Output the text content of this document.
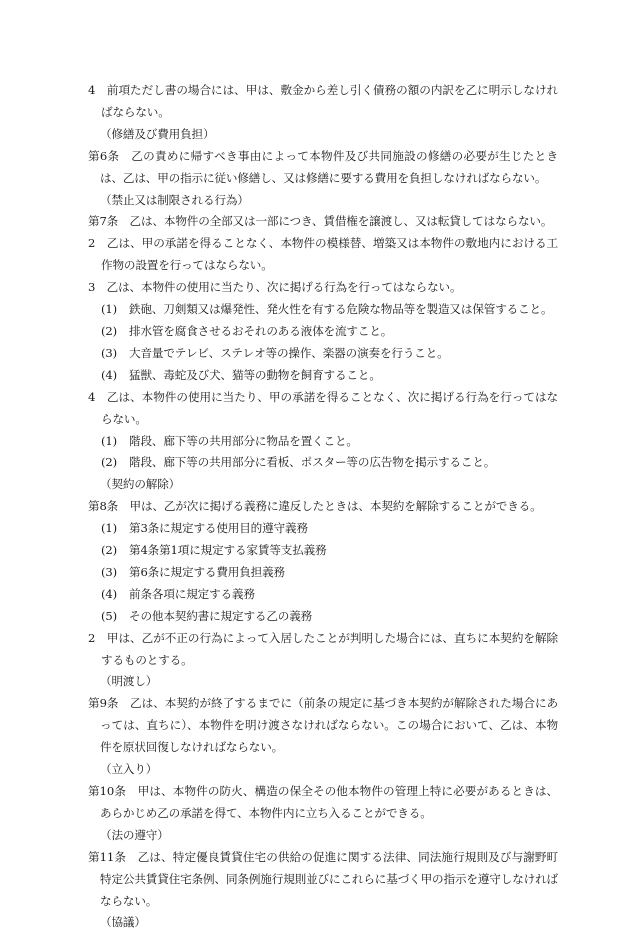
4　前項ただし書の場合には、甲は、敷金から差し引く債務の額の内訳を乙に明示しなければならない。

（修繕及び費用負担）

第6条　乙の責めに帰すべき事由によって本物件及び共同施設の修繕の必要が生じたときは、乙は、甲の指示に従い修繕し、又は修繕に要する費用を負担しなければならない。

（禁止又は制限される行為）

第7条　乙は、本物件の全部又は一部につき、賃借権を譲渡し、又は転貸してはならない。

2　乙は、甲の承諾を得ることなく、本物件の模様替、増築又は本物件の敷地内における工作物の設置を行ってはならない。

3　乙は、本物件の使用に当たり、次に掲げる行為を行ってはならない。

(1)	鉄砲、刀剣類又は爆発性、発火性を有する危険な物品等を製造又は保管すること。
(2)	排水管を腐食させるおそれのある液体を流すこと。
(3)	大音量でテレビ、ステレオ等の操作、楽器の演奏を行うこと。
(4)	猛獣、毒蛇及び犬、猫等の動物を飼育すること。

4　乙は、本物件の使用に当たり、甲の承諾を得ることなく、次に掲げる行為を行ってはならない。

(1)	階段、廊下等の共用部分に物品を置くこと。
(2)	階段、廊下等の共用部分に看板、ポスター等の広告物を掲示すること。

（契約の解除）

第8条　甲は、乙が次に掲げる義務に違反したときは、本契約を解除することができる。

(1)	第3条に規定する使用目的遵守義務
(2)	第4条第1項に規定する家賃等支払義務
(3)	第6条に規定する費用負担義務
(4)	前条各項に規定する義務
(5)	その他本契約書に規定する乙の義務

2　甲は、乙が不正の行為によって入居したことが判明した場合には、直ちに本契約を解除するものとする。

（明渡し）

第9条　乙は、本契約が終了するまでに（前条の規定に基づき本契約が解除された場合にあっては、直ちに）、本物件を明け渡さなければならない。この場合において、乙は、本物件を原状回復しなければならない。

（立入り）

第10条　甲は、本物件の防火、構造の保全その他本物件の管理上特に必要があるときは、あらかじめ乙の承諾を得て、本物件内に立ち入ることができる。

（法の遵守）

第11条　乙は、特定優良賃貸住宅の供給の促進に関する法律、同法施行規則及び与謝野町特定公共賃貸住宅条例、同条例施行規則並びにこれらに基づく甲の指示を遵守しなければならない。

（協議）
